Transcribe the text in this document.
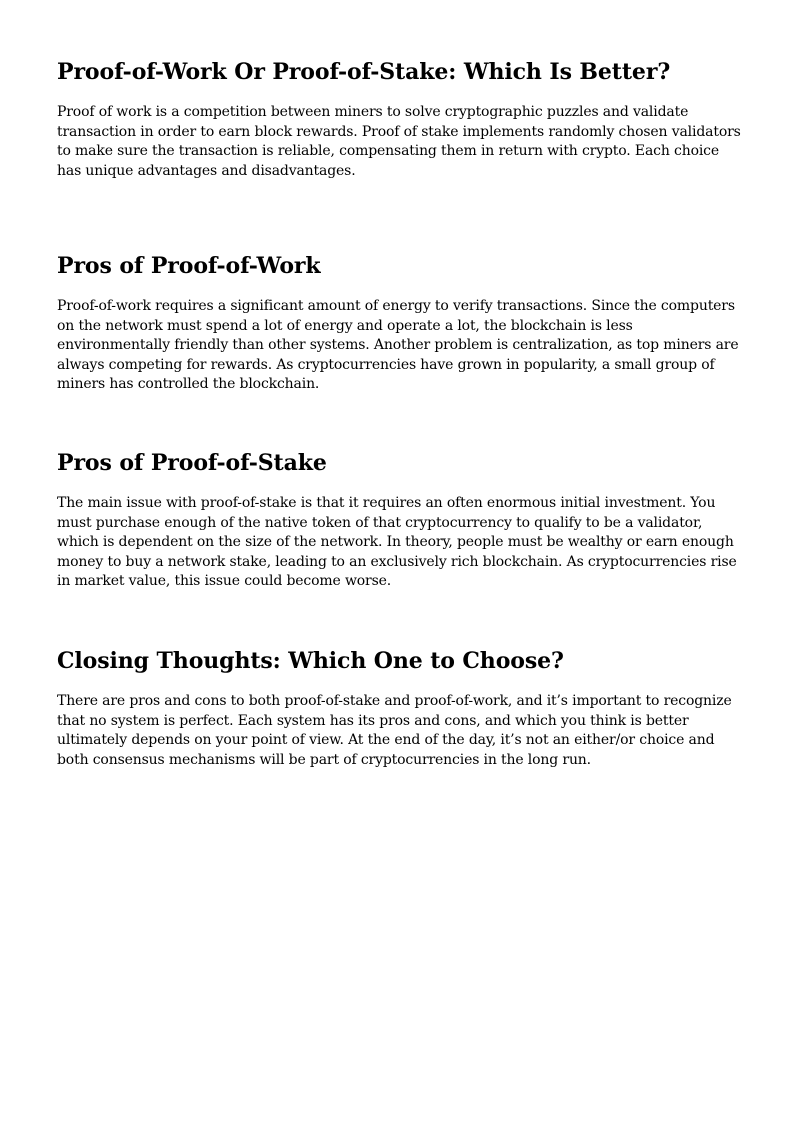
Proof-of-Work Or Proof-of-Stake: Which Is Better?

Proof of work is a competition between miners to solve cryptographic puzzles and validate transaction in order to earn block rewards. Proof of stake implements randomly chosen validators to make sure the transaction is reliable, compensating them in return with crypto. Each choice has unique advantages and disadvantages.

Pros of Proof-of-Work

Proof-of-work requires a significant amount of energy to verify transactions. Since the computers on the network must spend a lot of energy and operate a lot, the blockchain is less environmentally friendly than other systems. Another problem is centralization, as top miners are always competing for rewards. As cryptocurrencies have grown in popularity, a small group of miners has controlled the blockchain.

Pros of Proof-of-Stake

The main issue with proof-of-stake is that it requires an often enormous initial investment. You must purchase enough of the native token of that cryptocurrency to qualify to be a validator, which is dependent on the size of the network. In theory, people must be wealthy or earn enough money to buy a network stake, leading to an exclusively rich blockchain. As cryptocurrencies rise in market value, this issue could become worse.

Closing Thoughts: Which One to Choose?

There are pros and cons to both proof-of-stake and proof-of-work, and it’s important to recognize that no system is perfect. Each system has its pros and cons, and which you think is better ultimately depends on your point of view. At the end of the day, it’s not an either/or choice and both consensus mechanisms will be part of cryptocurrencies in the long run.
